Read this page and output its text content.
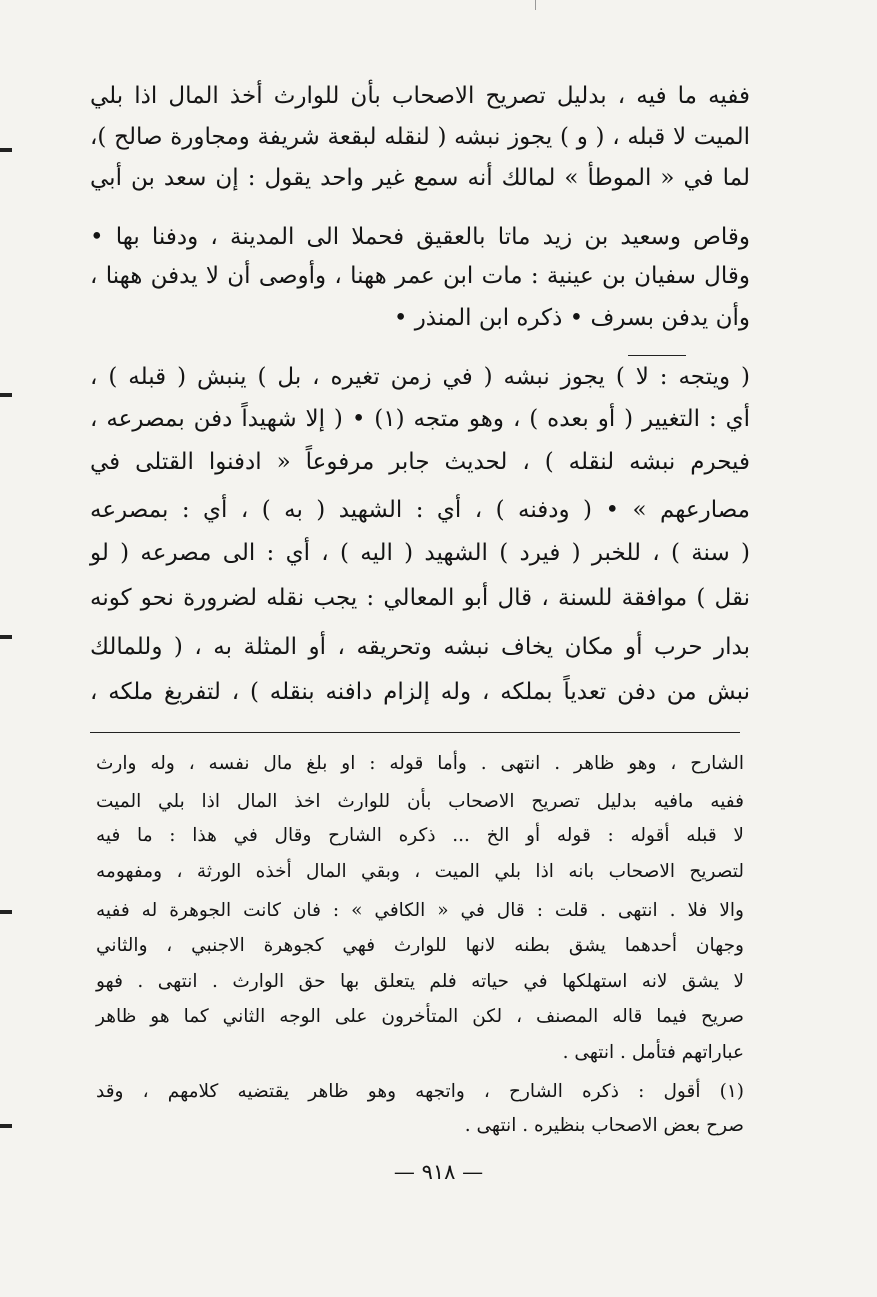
ففيه ما فيه ، بدليل تصريح الاصحاب بأن للوارث أخذ المال اذا بلي
الميت لا قبله ، ( و ) يجوز نبشه ( لنقله لبقعة شريفة ومجاورة صالح )،
لما في « الموطأ » لمالك أنه سمع غير واحد يقول : إن سعد بن أبي
وقاص وسعيد بن زيد ماتا بالعقيق فحملا الى المدينة ، ودفنا بها •
وقال سفيان بن عينية : مات ابن عمر ههنا ، وأوصى أن لا يدفن ههنا ،
وأن يدفن بسرف • ذكره ابن المنذر •
( ويتجه : لا ) يجوز نبشه ( في زمن تغيره ، بل ) ينبش ( قبله ) ،
أي : التغيير ( أو بعده ) ، وهو متجه (١) • ( إلا شهيداً دفن بمصرعه ،
فيحرم نبشه لنقله ) ، لحديث جابر مرفوعاً « ادفنوا القتلى في
مصارعهم » • ( ودفنه ) ، أي : الشهيد ( به ) ، أي : بمصرعه
( سنة ) ، للخبر ( فيرد ) الشهيد ( اليه ) ، أي : الى مصرعه ( لو
نقل ) موافقة للسنة ، قال أبو المعالي : يجب نقله لضرورة نحو كونه
بدار حرب أو مكان يخاف نبشه وتحريقه ، أو المثلة به ، ( وللمالك
نبش من دفن تعدياً بملكه ، وله إلزام دافنه بنقله ) ، لتفريغ ملكه ،
الشارح ، وهو ظاهر . انتهى . وأما قوله : او بلغ مال نفسه ، وله وارث
ففيه مافيه بدليل تصريح الاصحاب بأن للوارث اخذ المال اذا بلي الميت
لا قبله أقوله : قوله أو الخ ... ذكره الشارح وقال في هذا : ما فيه
لتصريح الاصحاب بانه اذا بلي الميت ، وبقي المال أخذه الورثة ، ومفهومه
والا فلا . انتهى . قلت : قال في « الكافي » : فان كانت الجوهرة له ففيه
وجهان أحدهما يشق بطنه لانها للوارث فهي كجوهرة الاجنبي ، والثاني
لا يشق لانه استهلكها في حياته فلم يتعلق بها حق الوارث . انتهى . فهو
صريح فيما قاله المصنف ، لكن المتأخرون على الوجه الثاني كما هو ظاهر
عباراتهم فتأمل . انتهى .
(١) أقول : ذكره الشارح ، واتجهه وهو ظاهر يقتضيه كلامهم ، وقد
صرح بعض الاصحاب بنظيره . انتهى .
— ٩١٨ —
